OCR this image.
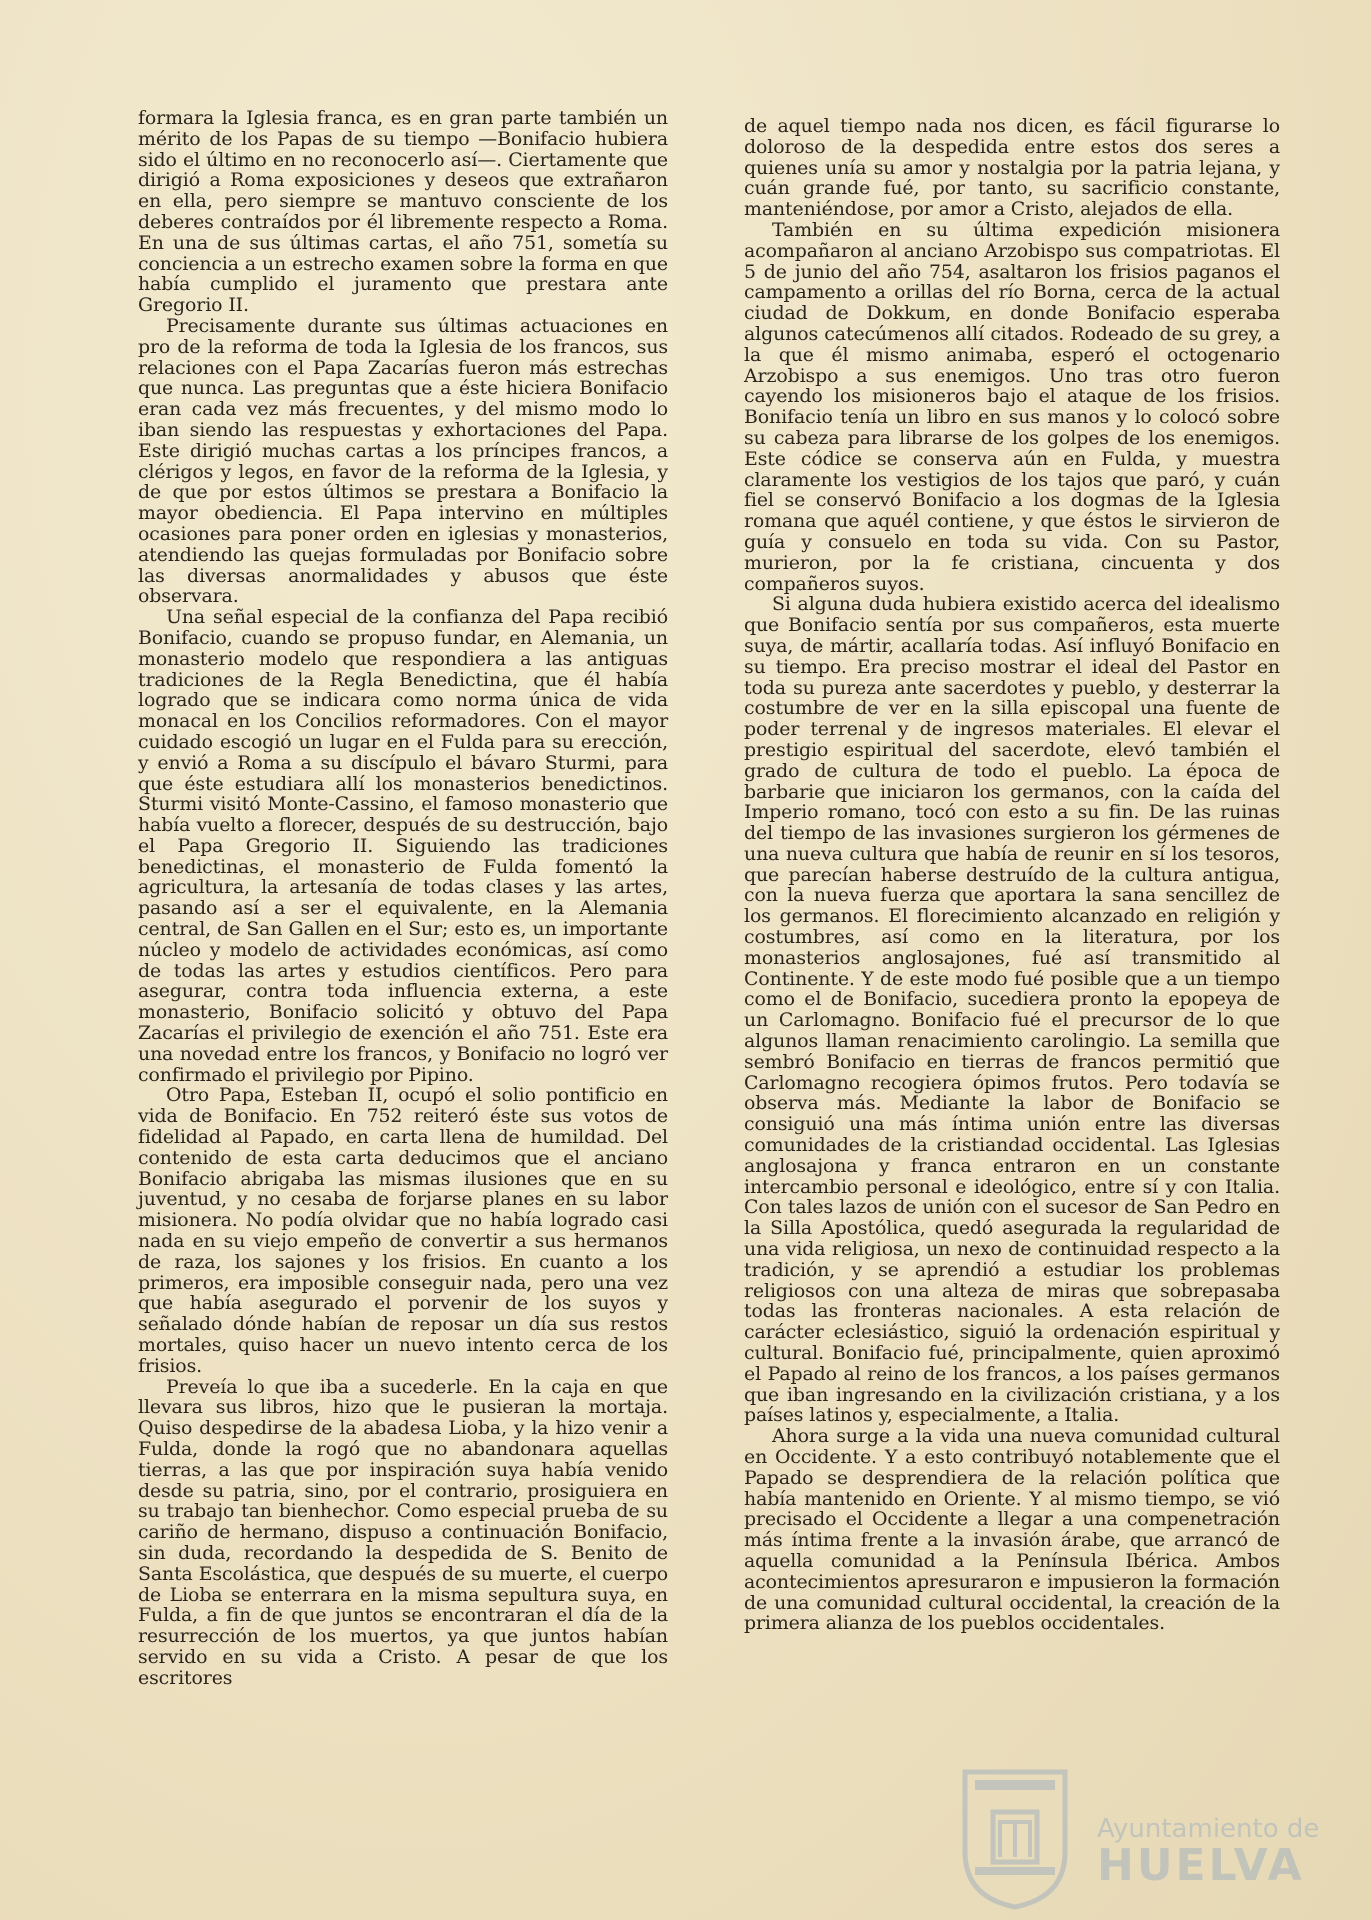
formara la Iglesia franca, es en gran parte también un mérito de los Papas de su tiempo —Bonifacio hubiera sido el último en no reconocerlo así—. Ciertamente que dirigió a Roma exposiciones y deseos que extrañaron en ella, pero siempre se mantuvo consciente de los deberes contraídos por él libremente respecto a Roma. En una de sus últimas cartas, el año 751, sometía su conciencia a un estrecho examen sobre la forma en que había cumplido el juramento que prestara ante Gregorio II.

Precisamente durante sus últimas actuaciones en pro de la reforma de toda la Iglesia de los francos, sus relaciones con el Papa Zacarías fueron más estrechas que nunca. Las preguntas que a éste hiciera Bonifacio eran cada vez más frecuentes, y del mismo modo lo iban siendo las respuestas y exhortaciones del Papa. Este dirigió muchas cartas a los príncipes francos, a clérigos y legos, en favor de la reforma de la Iglesia, y de que por estos últimos se prestara a Bonifacio la mayor obediencia. El Papa intervino en múltiples ocasiones para poner orden en iglesias y monasterios, atendiendo las quejas formuladas por Bonifacio sobre las diversas anormalidades y abusos que éste observara.

Una señal especial de la confianza del Papa recibió Bonifacio, cuando se propuso fundar, en Alemania, un monasterio modelo que respondiera a las antiguas tradiciones de la Regla Benedictina, que él había logrado que se indicara como norma única de vida monacal en los Concilios reformadores. Con el mayor cuidado escogió un lugar en el Fulda para su erección, y envió a Roma a su discípulo el bávaro Sturmi, para que éste estudiara allí los monasterios benedictinos. Sturmi visitó Monte-Cassino, el famoso monasterio que había vuelto a florecer, después de su destrucción, bajo el Papa Gregorio II. Siguiendo las tradiciones benedictinas, el monasterio de Fulda fomentó la agricultura, la artesanía de todas clases y las artes, pasando así a ser el equivalente, en la Alemania central, de San Gallen en el Sur; esto es, un importante núcleo y modelo de actividades económicas, así como de todas las artes y estudios científicos. Pero para asegurar, contra toda influencia externa, a este monasterio, Bonifacio solicitó y obtuvo del Papa Zacarías el privilegio de exención el año 751. Este era una novedad entre los francos, y Bonifacio no logró ver confirmado el privilegio por Pipino.

Otro Papa, Esteban II, ocupó el solio pontificio en vida de Bonifacio. En 752 reiteró éste sus votos de fidelidad al Papado, en carta llena de humildad. Del contenido de esta carta deducimos que el anciano Bonifacio abrigaba las mismas ilusiones que en su juventud, y no cesaba de forjarse planes en su labor misionera. No podía olvidar que no había logrado casi nada en su viejo empeño de convertir a sus hermanos de raza, los sajones y los frisios. En cuanto a los primeros, era imposible conseguir nada, pero una vez que había asegurado el porvenir de los suyos y señalado dónde habían de reposar un día sus restos mortales, quiso hacer un nuevo intento cerca de los frisios.

Preveía lo que iba a sucederle. En la caja en que llevara sus libros, hizo que le pusieran la mortaja. Quiso despedirse de la abadesa Lioba, y la hizo venir a Fulda, donde la rogó que no abandonara aquellas tierras, a las que por inspiración suya había venido desde su patria, sino, por el contrario, prosiguiera en su trabajo tan bienhechor. Como especial prueba de su cariño de hermano, dispuso a continuación Bonifacio, sin duda, recordando la despedida de S. Benito de Santa Escolástica, que después de su muerte, el cuerpo de Lioba se enterrara en la misma sepultura suya, en Fulda, a fin de que juntos se encontraran el día de la resurrección de los muertos, ya que juntos habían servido en su vida a Cristo. A pesar de que los escritores

de aquel tiempo nada nos dicen, es fácil figurarse lo doloroso de la despedida entre estos dos seres a quienes unía su amor y nostalgia por la patria lejana, y cuán grande fué, por tanto, su sacrificio constante, manteniéndose, por amor a Cristo, alejados de ella.

También en su última expedición misionera acompañaron al anciano Arzobispo sus compatriotas. El 5 de junio del año 754, asaltaron los frisios paganos el campamento a orillas del río Borna, cerca de la actual ciudad de Dokkum, en donde Bonifacio esperaba algunos catecúmenos allí citados. Rodeado de su grey, a la que él mismo animaba, esperó el octogenario Arzobispo a sus enemigos. Uno tras otro fueron cayendo los misioneros bajo el ataque de los frisios. Bonifacio tenía un libro en sus manos y lo colocó sobre su cabeza para librarse de los golpes de los enemigos. Este códice se conserva aún en Fulda, y muestra claramente los vestigios de los tajos que paró, y cuán fiel se conservó Bonifacio a los dogmas de la Iglesia romana que aquél contiene, y que éstos le sirvieron de guía y consuelo en toda su vida. Con su Pastor, murieron, por la fe cristiana, cincuenta y dos compañeros suyos.

Si alguna duda hubiera existido acerca del idealismo que Bonifacio sentía por sus compañeros, esta muerte suya, de mártir, acallaría todas. Así influyó Bonifacio en su tiempo. Era preciso mostrar el ideal del Pastor en toda su pureza ante sacerdotes y pueblo, y desterrar la costumbre de ver en la silla episcopal una fuente de poder terrenal y de ingresos materiales. El elevar el prestigio espiritual del sacerdote, elevó también el grado de cultura de todo el pueblo. La época de barbarie que iniciaron los germanos, con la caída del Imperio romano, tocó con esto a su fin. De las ruinas del tiempo de las invasiones surgieron los gérmenes de una nueva cultura que había de reunir en sí los tesoros, que parecían haberse destruído de la cultura antigua, con la nueva fuerza que aportara la sana sencillez de los germanos. El florecimiento alcanzado en religión y costumbres, así como en la literatura, por los monasterios anglosajones, fué así transmitido al Continente. Y de este modo fué posible que a un tiempo como el de Bonifacio, sucediera pronto la epopeya de un Carlomagno. Bonifacio fué el precursor de lo que algunos llaman renacimiento carolingio. La semilla que sembró Bonifacio en tierras de francos permitió que Carlomagno recogiera ópimos frutos. Pero todavía se observa más. Mediante la labor de Bonifacio se consiguió una más íntima unión entre las diversas comunidades de la cristiandad occidental. Las Iglesias anglosajona y franca entraron en un constante intercambio personal e ideológico, entre sí y con Italia. Con tales lazos de unión con el sucesor de San Pedro en la Silla Apostólica, quedó asegurada la regularidad de una vida religiosa, un nexo de continuidad respecto a la tradición, y se aprendió a estudiar los problemas religiosos con una alteza de miras que sobrepasaba todas las fronteras nacionales. A esta relación de carácter eclesiástico, siguió la ordenación espiritual y cultural. Bonifacio fué, principalmente, quien aproximó el Papado al reino de los francos, a los países germanos que iban ingresando en la civilización cristiana, y a los países latinos y, especialmente, a Italia.

Ahora surge a la vida una nueva comunidad cultural en Occidente. Y a esto contribuyó notablemente que el Papado se desprendiera de la relación política que había mantenido en Oriente. Y al mismo tiempo, se vió precisado el Occidente a llegar a una compenetración más íntima frente a la invasión árabe, que arrancó de aquella comunidad a la Península Ibérica. Ambos acontecimientos apresuraron e impusieron la formación de una comunidad cultural occidental, la creación de la primera alianza de los pueblos occidentales.

Ayuntamiento de
HUELVA
